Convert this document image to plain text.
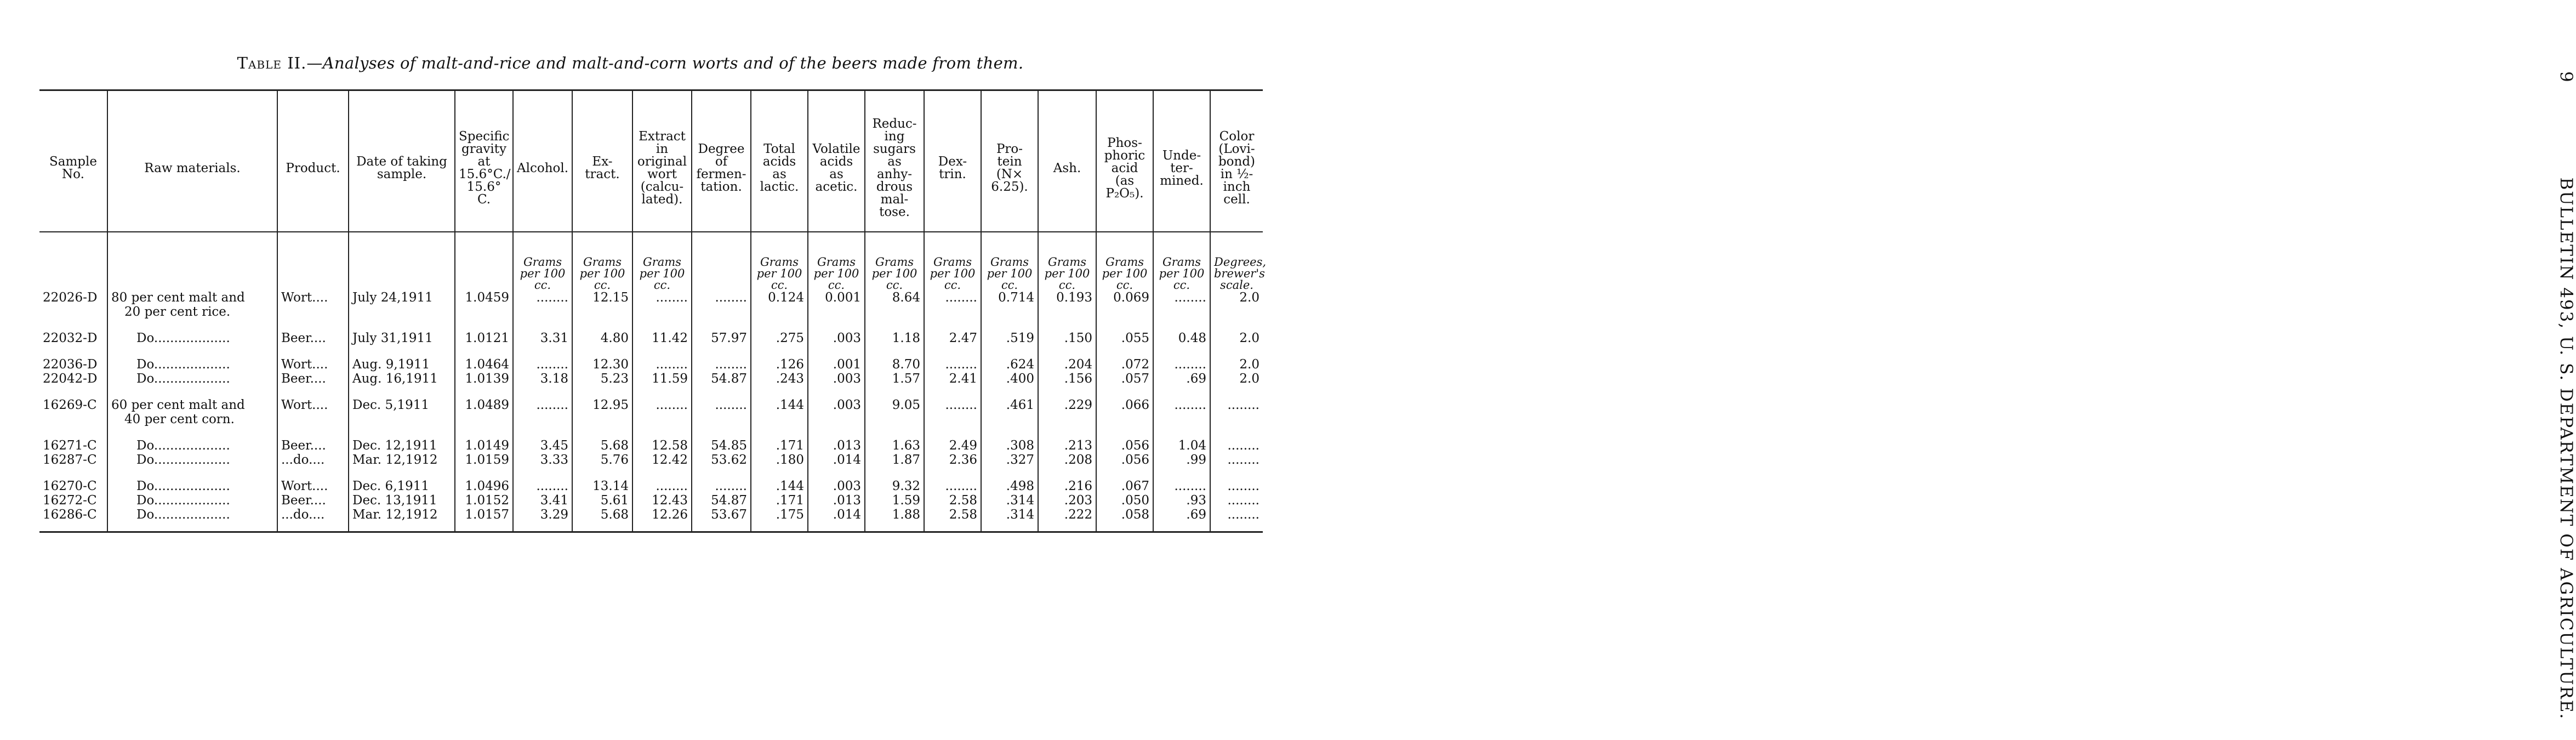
Table II.—Analyses of malt-and-rice and malt-and-corn worts and of the beers made from them.
9 BULLETIN 493, U. S. DEPARTMENT OF AGRICULTURE.
Sample No.	Raw materials.	Product.	Date of taking sample.	Specific gravity at 15.6°C./ 15.6° C.	Alcohol.	Ex- tract.	Extract in original wort (calcu- lated).	Degree of fermen- tation.	Total acids as lactic.	Volatile acids as acetic.	Reduc- ing sugars as anhy- drous mal- tose.	Dex- trin.	Pro- tein (N× 6.25).	Ash.	Phos- phoric acid (as P₂O₅).	Unde- ter- mined.	Color (Lovi- bond) in ½-inch cell.
					Grams per 100 cc.	Grams per 100 cc.	Grams per 100 cc.		Grams per 100 cc.	Grams per 100 cc.	Grams per 100 cc.	Grams per 100 cc.	Grams per 100 cc.	Grams per 100 cc.	Grams per 100 cc.	Grams per 100 cc.	Degrees, brewer's scale.
22026-D	80 per cent malt and	Wort....	July 24,1911	1.0459	........	12.15	........	........	0.124	0.001	8.64	........	0.714	0.193	0.069	........	2.0
	20 per cent rice.																
22032-D	Do...................	Beer....	July 31,1911	1.0121	3.31	4.80	11.42	57.97	.275	.003	1.18	2.47	.519	.150	.055	0.48	2.0
22036-D	Do...................	Wort....	Aug. 9,1911	1.0464	........	12.30	........	........	.126	.001	8.70	........	.624	.204	.072	........	2.0
22042-D	Do...................	Beer....	Aug. 16,1911	1.0139	3.18	5.23	11.59	54.87	.243	.003	1.57	2.41	.400	.156	.057	.69	2.0
16269-C	60 per cent malt and	Wort....	Dec. 5,1911	1.0489	........	12.95	........	........	.144	.003	9.05	........	.461	.229	.066	........	........
	40 per cent corn.																
16271-C	Do...................	Beer....	Dec. 12,1911	1.0149	3.45	5.68	12.58	54.85	.171	.013	1.63	2.49	.308	.213	.056	1.04	........
16287-C	Do...................	...do....	Mar. 12,1912	1.0159	3.33	5.76	12.42	53.62	.180	.014	1.87	2.36	.327	.208	.056	.99	........
16270-C	Do...................	Wort....	Dec. 6,1911	1.0496	........	13.14	........	........	.144	.003	9.32	........	.498	.216	.067	........	........
16272-C	Do...................	Beer....	Dec. 13,1911	1.0152	3.41	5.61	12.43	54.87	.171	.013	1.59	2.58	.314	.203	.050	.93	........
16286-C	Do...................	...do....	Mar. 12,1912	1.0157	3.29	5.68	12.26	53.67	.175	.014	1.88	2.58	.314	.222	.058	.69	........
